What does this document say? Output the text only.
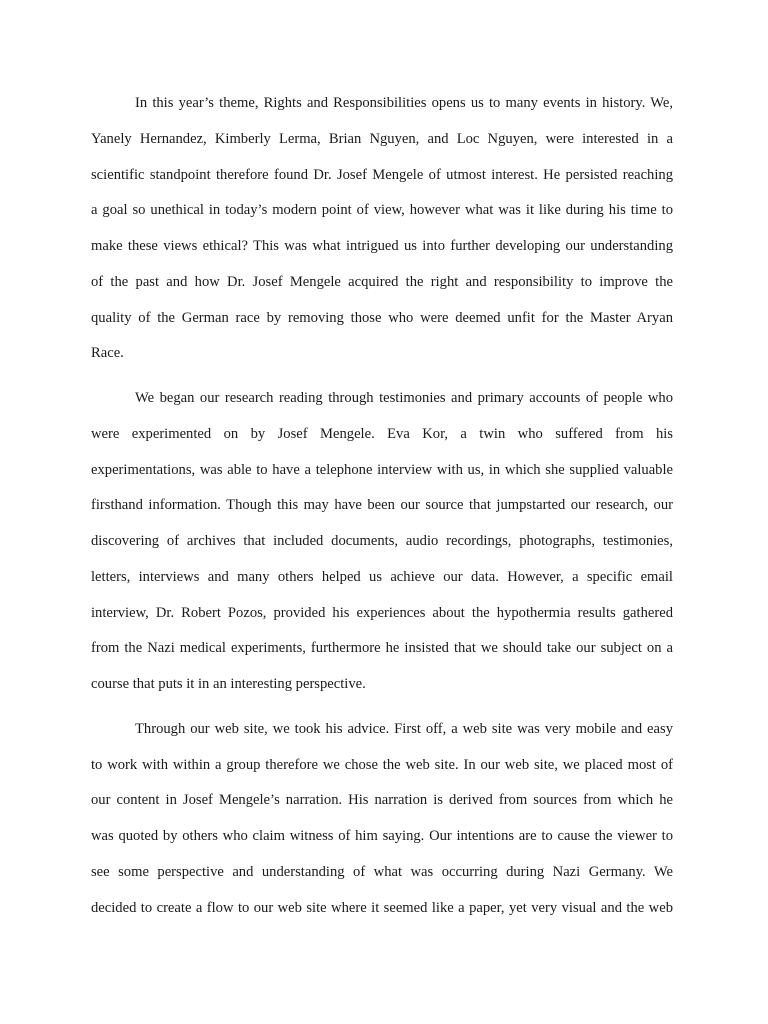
In this year’s theme, Rights and Responsibilities opens us to many events in history. We,
Yanely Hernandez, Kimberly Lerma, Brian Nguyen, and Loc Nguyen, were interested in a
scientific standpoint therefore found Dr. Josef Mengele of utmost interest. He persisted reaching
a goal so unethical in today’s modern point of view, however what was it like during his time to
make these views ethical? This was what intrigued us into further developing our understanding
of the past and how Dr. Josef Mengele acquired the right and responsibility to improve the
quality of the German race by removing those who were deemed unfit for the Master Aryan
Race.
We began our research reading through testimonies and primary accounts of people who
were experimented on by Josef Mengele. Eva Kor, a twin who suffered from his
experimentations, was able to have a telephone interview with us, in which she supplied valuable
firsthand information. Though this may have been our source that jumpstarted our research, our
discovering of archives that included documents, audio recordings, photographs, testimonies,
letters, interviews and many others helped us achieve our data. However, a specific email
interview, Dr. Robert Pozos, provided his experiences about the hypothermia results gathered
from the Nazi medical experiments, furthermore he insisted that we should take our subject on a
course that puts it in an interesting perspective.
Through our web site, we took his advice. First off, a web site was very mobile and easy
to work with within a group therefore we chose the web site. In our web site, we placed most of
our content in Josef Mengele’s narration. His narration is derived from sources from which he
was quoted by others who claim witness of him saying. Our intentions are to cause the viewer to
see some perspective and understanding of what was occurring during Nazi Germany. We
decided to create a flow to our web site where it seemed like a paper, yet very visual and the web
